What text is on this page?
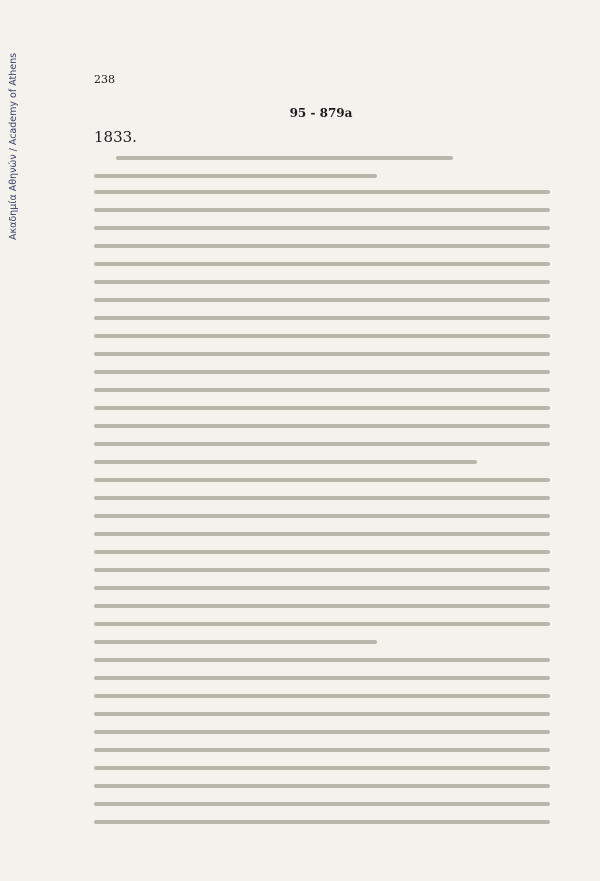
Ακαδημία Αθηνών / Academy of Athens	238
95 - 879a
1833.
